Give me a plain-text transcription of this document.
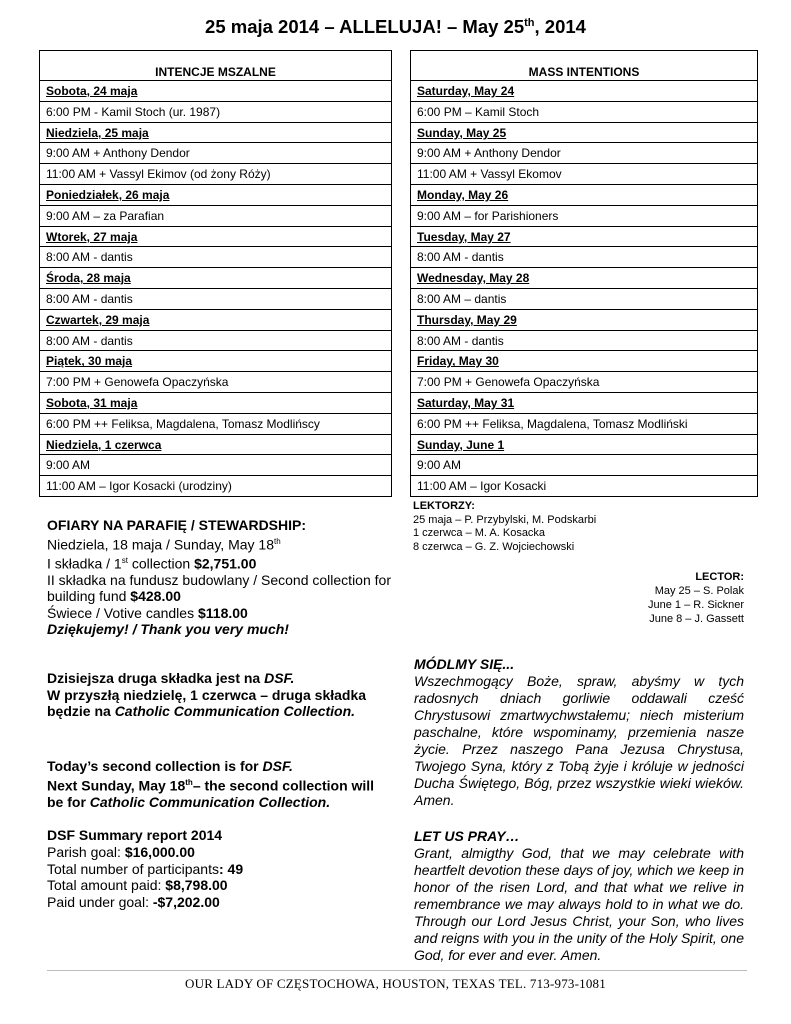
25 maja 2014 – ALLELUJA! – May 25th, 2014
INTENCJE MSZALNE
Sobota, 24 maja
6:00 PM - Kamil Stoch (ur. 1987)
Niedziela, 25 maja
9:00 AM + Anthony Dendor
11:00 AM + Vassyl Ekimov (od żony Róży)
Poniedziałek, 26 maja
9:00 AM – za Parafian
Wtorek, 27 maja
8:00 AM - dantis
Środa, 28 maja
8:00 AM - dantis
Czwartek, 29 maja
8:00 AM - dantis
Piątek, 30 maja
7:00 PM + Genowefa Opaczyńska
Sobota, 31 maja
6:00 PM ++ Feliksa, Magdalena, Tomasz Modlińscy
Niedziela, 1 czerwca
9:00 AM
11:00 AM – Igor Kosacki (urodziny)
MASS INTENTIONS
Saturday, May 24
6:00 PM – Kamil Stoch
Sunday, May 25
9:00 AM + Anthony Dendor
11:00 AM + Vassyl Ekomov
Monday, May 26
9:00 AM – for Parishioners
Tuesday, May 27
8:00 AM - dantis
Wednesday, May 28
8:00 AM – dantis
Thursday, May 29
8:00 AM - dantis
Friday, May 30
7:00 PM + Genowefa Opaczyńska
Saturday, May 31
6:00 PM ++ Feliksa, Magdalena, Tomasz Modliński
Sunday, June 1
9:00 AM
11:00 AM – Igor Kosacki
LEKTORZY:
25 maja – P. Przybylski, M. Podskarbi
1 czerwca – M. A. Kosacka
8 czerwca – G. Z. Wojciechowski
LECTOR:
May 25 – S. Polak
June 1 – R. Sickner
June 8 – J. Gassett
OFIARY NA PARAFIĘ / STEWARDSHIP:
Niedziela, 18 maja / Sunday, May 18th
I składka / 1st collection $2,751.00
II składka na fundusz budowlany / Second collection for building fund $428.00
Świece / Votive candles $118.00
Dziękujemy! / Thank you very much!
Dzisiejsza druga składka jest na DSF.
W przyszłą niedzielę, 1 czerwca – druga składka będzie na Catholic Communication Collection.
Today’s second collection is for DSF.
Next Sunday, May 18th– the second collection will be for Catholic Communication Collection.
DSF Summary report 2014
Parish goal: $16,000.00
Total number of participants: 49
Total amount paid: $8,798.00
Paid under goal: -$7,202.00
MÓDLMY SIĘ...
Wszechmogący Boże, spraw, abyśmy w tych radosnych dniach gorliwie oddawali cześć Chrystusowi zmartwychwstałemu; niech misterium paschalne, które wspominamy, przemienia nasze życie. Przez naszego Pana Jezusa Chrystusa, Twojego Syna, który z Tobą żyje i króluje w jedności Ducha Świętego, Bóg, przez wszystkie wieki wieków. Amen.
LET US PRAY…
Grant, almigthy God, that we may celebrate with heartfelt devotion these days of joy, which we keep in honor of the risen Lord, and that what we relive in remembrance we may always hold to in what we do. Through our Lord Jesus Christ, your Son, who lives and reigns with you in the unity of the Holy Spirit, one God, for ever and ever. Amen.
OUR LADY OF CZĘSTOCHOWA, HOUSTON, TEXAS TEL. 713-973-1081
